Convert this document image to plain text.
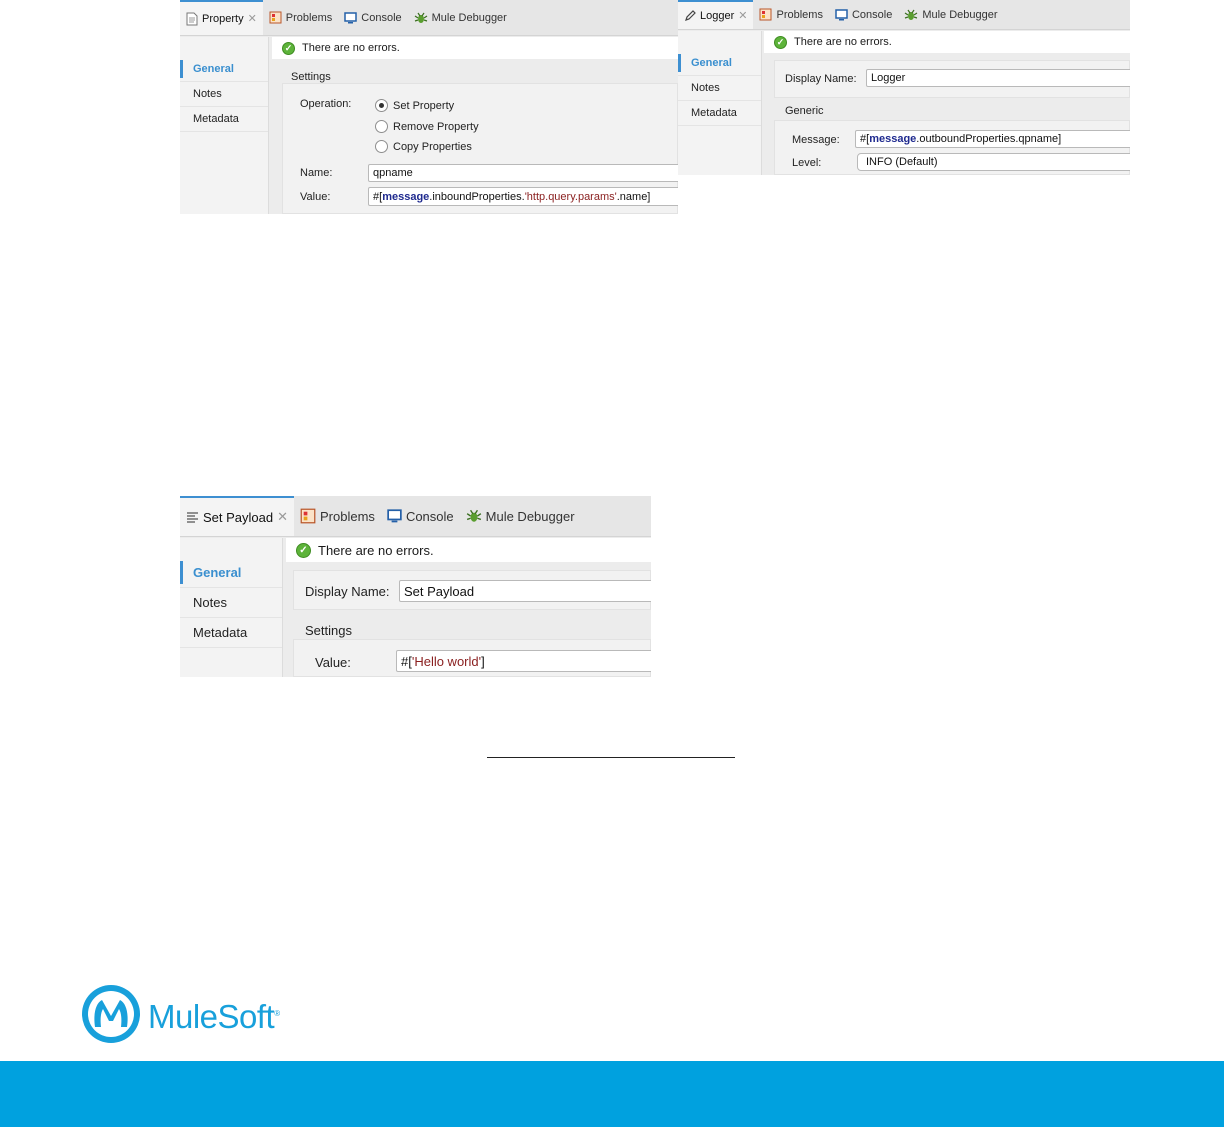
Property ✕	Problems	Console	Mule Debugger
General
Notes
Metadata
✓ There are no errors.
Settings
Operation:	Set Property
Remove Property
Copy Properties
Name:	qpname
Value:	#[ message .inboundProperties. 'http.query.params' .name]
Logger ✕	Problems	Console	Mule Debugger
General
Notes
Metadata
✓ There are no errors.
Display Name: Logger
Generic
Message: #[ message .outboundProperties.qpname]
Level:	INFO (Default)
Set Payload ✕ Problems Console Mule Debugger
General
Notes
Metadata
✓ There are no errors.
Display Name: Set Payload
Settings
Value:	#[ 'Hello world' ]
MuleSoft®
